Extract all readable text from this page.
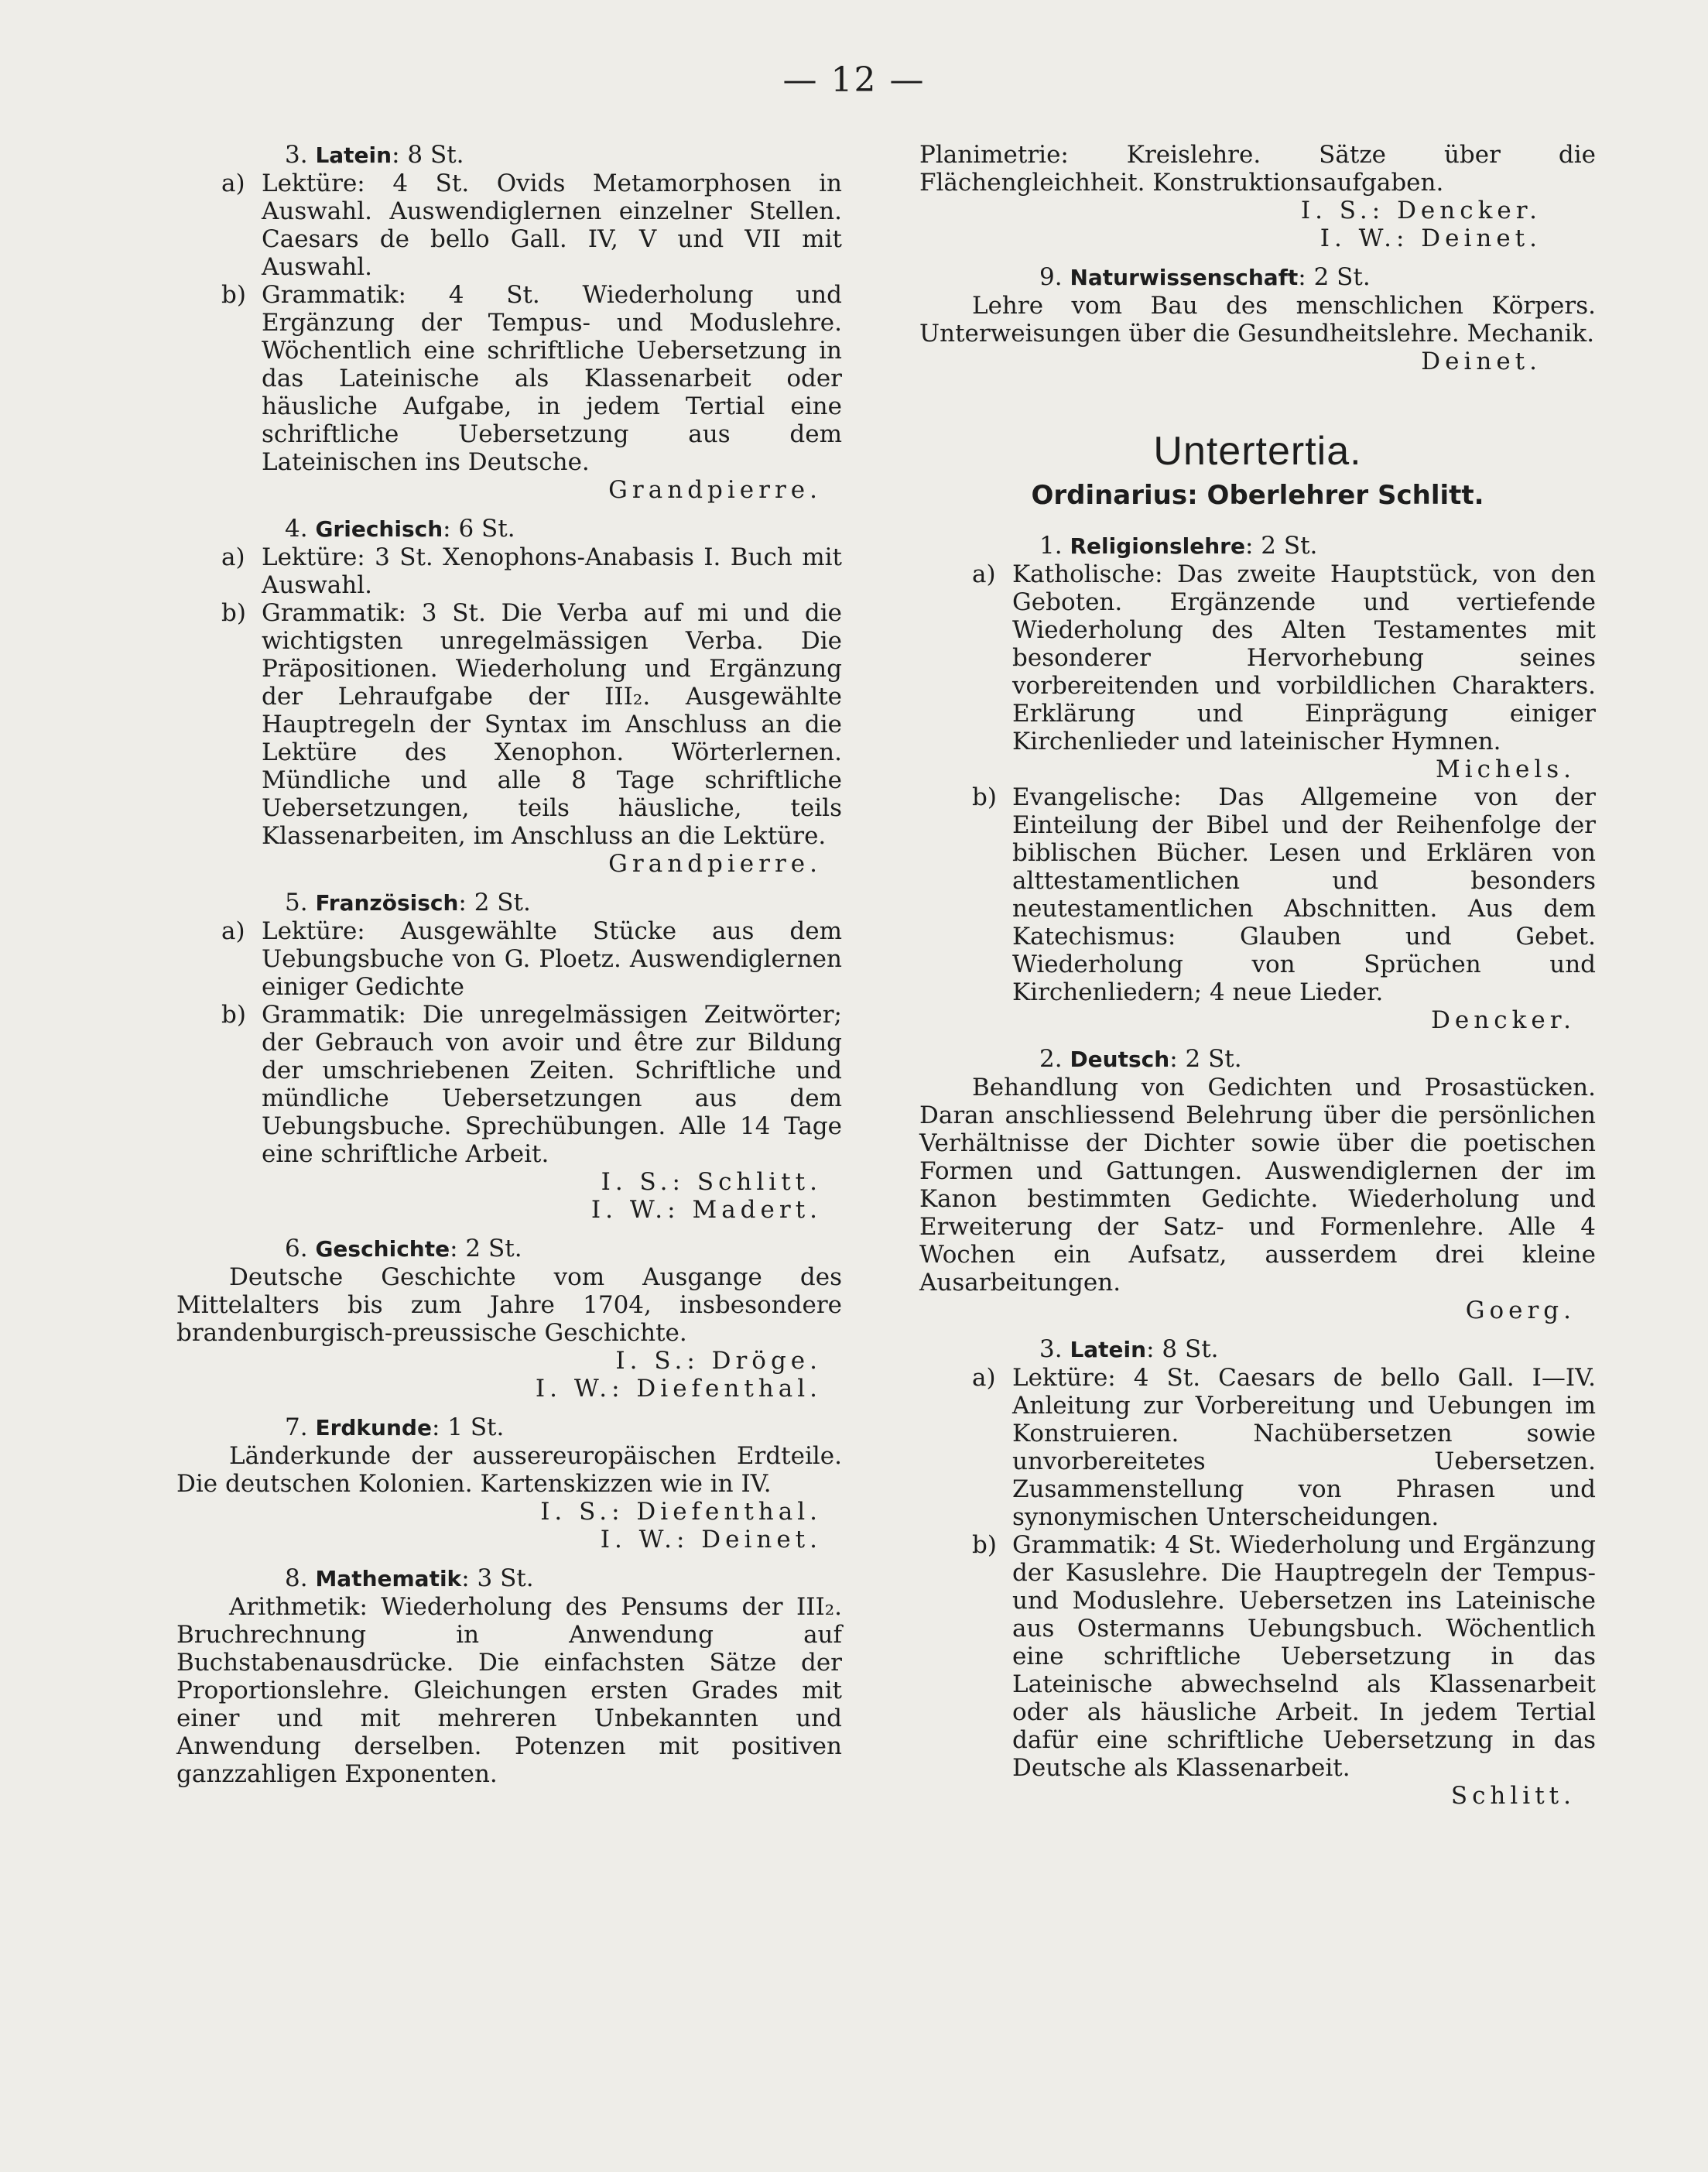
— 12 —

3. Latein: 8 St.

a) Lektüre: 4 St. Ovids Metamorphosen in Auswahl. Auswendiglernen einzelner Stellen. Caesars de bello Gall. IV, V und VII mit Auswahl.
b) Grammatik: 4 St. Wiederholung und Ergänzung der Tempus- und Moduslehre. Wöchentlich eine schriftliche Uebersetzung in das Lateinische als Klassenarbeit oder häusliche Aufgabe, in jedem Tertial eine schriftliche Uebersetzung aus dem Lateinischen ins Deutsche.

Grandpierre.

4. Griechisch: 6 St.

a) Lektüre: 3 St. Xenophons-Anabasis I. Buch mit Auswahl.
b) Grammatik: 3 St. Die Verba auf mi und die wichtigsten unregelmässigen Verba. Die Präpositionen. Wiederholung und Ergänzung der Lehraufgabe der III₂. Ausgewählte Hauptregeln der Syntax im Anschluss an die Lektüre des Xenophon. Wörterlernen. Mündliche und alle 8 Tage schriftliche Uebersetzungen, teils häusliche, teils Klassenarbeiten, im Anschluss an die Lektüre.

Grandpierre.

5. Französisch: 2 St.

a) Lektüre: Ausgewählte Stücke aus dem Uebungsbuche von G. Ploetz. Auswendiglernen einiger Gedichte
b) Grammatik: Die unregelmässigen Zeitwörter; der Gebrauch von avoir und être zur Bildung der umschriebenen Zeiten. Schriftliche und mündliche Uebersetzungen aus dem Uebungsbuche. Sprechübungen. Alle 14 Tage eine schriftliche Arbeit.

I. S.: Schlitt.

I. W.: Madert.

6. Geschichte: 2 St.

Deutsche Geschichte vom Ausgange des Mittelalters bis zum Jahre 1704, insbesondere brandenburgisch-preussische Geschichte.

I. S.: Dröge.

I. W.: Diefenthal.

7. Erdkunde: 1 St.

Länderkunde der aussereuropäischen Erdteile. Die deutschen Kolonien. Kartenskizzen wie in IV.

I. S.: Diefenthal.

I. W.: Deinet.

8. Mathematik: 3 St.

Arithmetik: Wiederholung des Pensums der III₂. Bruchrechnung in Anwendung auf Buchstabenausdrücke. Die einfachsten Sätze der Proportionslehre. Gleichungen ersten Grades mit einer und mit mehreren Unbekannten und Anwendung derselben. Potenzen mit positiven ganzzahligen Exponenten.

Planimetrie: Kreislehre. Sätze über die Flächengleichheit. Konstruktionsaufgaben.

I. S.: Dencker.

I. W.: Deinet.

9. Naturwissenschaft: 2 St.

Lehre vom Bau des menschlichen Körpers. Unterweisungen über die Gesundheitslehre. Mechanik.

Deinet.

Untertertia.
Ordinarius: Oberlehrer Schlitt.

1. Religionslehre: 2 St.

a) Katholische: Das zweite Hauptstück, von den Geboten. Ergänzende und vertiefende Wiederholung des Alten Testamentes mit besonderer Hervorhebung seines vorbereitenden und vorbildlichen Charakters. Erklärung und Einprägung einiger Kirchenlieder und lateinischer Hymnen.

Michels.

b) Evangelische: Das Allgemeine von der Einteilung der Bibel und der Reihenfolge der biblischen Bücher. Lesen und Erklären von alttestamentlichen und besonders neutestamentlichen Abschnitten. Aus dem Katechismus: Glauben und Gebet. Wiederholung von Sprüchen und Kirchenliedern; 4 neue Lieder.

Dencker.

2. Deutsch: 2 St.

Behandlung von Gedichten und Prosastücken. Daran anschliessend Belehrung über die persönlichen Verhältnisse der Dichter sowie über die poetischen Formen und Gattungen. Auswendiglernen der im Kanon bestimmten Gedichte. Wiederholung und Erweiterung der Satz- und Formenlehre. Alle 4 Wochen ein Aufsatz, ausserdem drei kleine Ausarbeitungen.

Goerg.

3. Latein: 8 St.

a) Lektüre: 4 St. Caesars de bello Gall. I—IV. Anleitung zur Vorbereitung und Uebungen im Konstruieren. Nachübersetzen sowie unvorbereitetes Uebersetzen. Zusammenstellung von Phrasen und synonymischen Unterscheidungen.
b) Grammatik: 4 St. Wiederholung und Ergänzung der Kasuslehre. Die Hauptregeln der Tempus- und Moduslehre. Uebersetzen ins Lateinische aus Ostermanns Uebungsbuch. Wöchentlich eine schriftliche Uebersetzung in das Lateinische abwechselnd als Klassenarbeit oder als häusliche Arbeit. In jedem Tertial dafür eine schriftliche Uebersetzung in das Deutsche als Klassenarbeit.

Schlitt.
